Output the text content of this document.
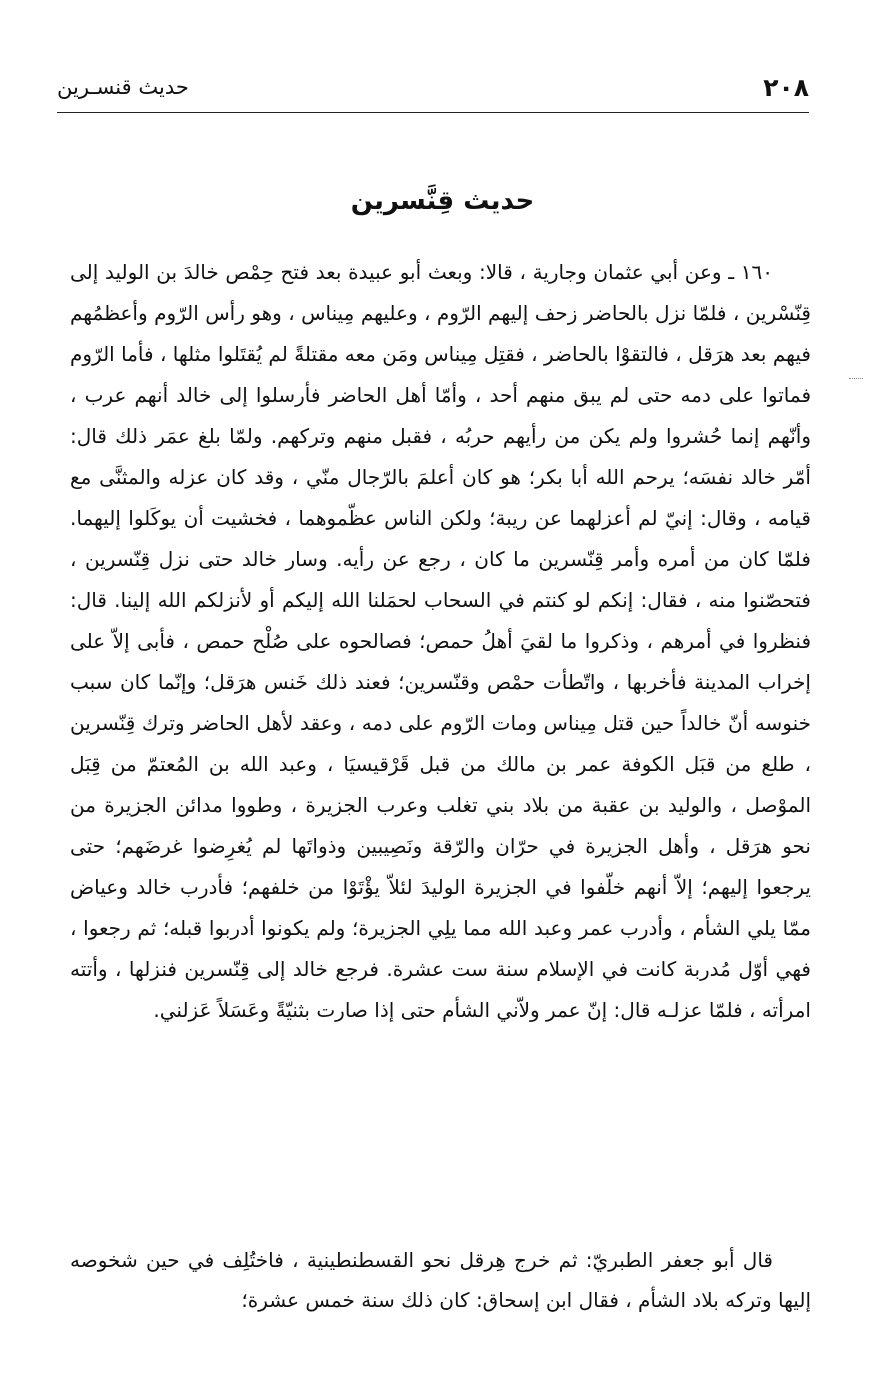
٢٠٨
حديث قنسـرين
حديث قِنَّسرين

١٦٠ ـ وعن أبي عثمان وجارية ، قالا: وبعث أبو عبيدة بعد فتح حِمْص خالدَ بن الوليد إلى قِنّسْرين ، فلمّا نزل بالحاضر زحف إليهم الرّوم ، وعليهم مِيناس ، وهو رأس الرّوم وأعظمُهم فيهم بعد هرَقل ، فالتقوْا بالحاضر ، فقتِل مِيناس ومَن معه مقتلةً لم يُقتَلوا مثلها ، فأما الرّوم فماتوا على دمه حتى لم يبق منهم أحد ، وأمّا أهل الحاضر فأرسلوا إلى خالد أنهم عرب ، وأنّهم إنما حُشروا ولم يكن من رأيهم حربُه ، فقبل منهم وتركهم. ولمّا بلغ عمَر ذلك قال: أمّر خالد نفسَه؛ يرحم الله أبا بكر؛ هو كان أعلمَ بالرّجال منّي ، وقد كان عزله والمثنَّى مع قيامه ، وقال: إنيّ لم أعزلهما عن ريبة؛ ولكن الناس عظّموهما ، فخشيت أن يوكَلوا إليهما. فلمّا كان من أمره وأمر قِنّسرين ما كان ، رجع عن رأيه. وسار خالد حتى نزل قِنّسرين ، فتحصّنوا منه ، فقال: إنكم لو كنتم في السحاب لحمَلنا الله إليكم أو لأنزلكم الله إلينا. قال: فنظروا في أمرهم ، وذكروا ما لقيَ أهلُ حمص؛ فصالحوه على صُلْح حمص ، فأبى إلاّ على إخراب المدينة فأخربها ، واتّطأت حمْص وقنّسرين؛ فعند ذلك خَنس هرَقل؛ وإنّما كان سبب خنوسه أنّ خالداً حين قتل مِيناس ومات الرّوم على دمه ، وعقد لأهل الحاضر وترك قِنّسرين ، طلع من قبَل الكوفة عمر بن مالك من قبل قَرْقيسيَا ، وعبد الله بن المُعتمّ من قِبَل الموْصل ، والوليد بن عقبة من بلاد بني تغلب وعرب الجزيرة ، وطووا مدائن الجزيرة من نحو هرَقل ، وأهل الجزيرة في حرّان والرّقة ونَصِيبين وذواتَها لم يُغرِضوا غرضَهم؛ حتى يرجعوا إليهم؛ إلاّ أنهم خلّفوا في الجزيرة الوليدَ لئلاّ يؤْتَوْا من خلفهم؛ فأدرب خالد وعياض ممّا يلي الشأم ، وأدرب عمر وعبد الله مما يلِي الجزيرة؛ ولم يكونوا أدربوا قبله؛ ثم رجعوا ، فهي أوّل مُدربة كانت في الإسلام سنة ست عشرة. فرجع خالد إلى قِنّسرين فنزلها ، وأتته امرأته ، فلمّا عزلـه قال: إنّ عمر ولاّني الشأم حتى إذا صارت بثنيّةً وعَسَلاً عَزلني.

قال أبو جعفر الطبريّ: ثم خرج هِرقل نحو القسطنطينية ، فاختُلِف في حين شخوصه إليها وتركه بلاد الشأم ، فقال ابن إسحاق: كان ذلك سنة خمس عشرة؛
